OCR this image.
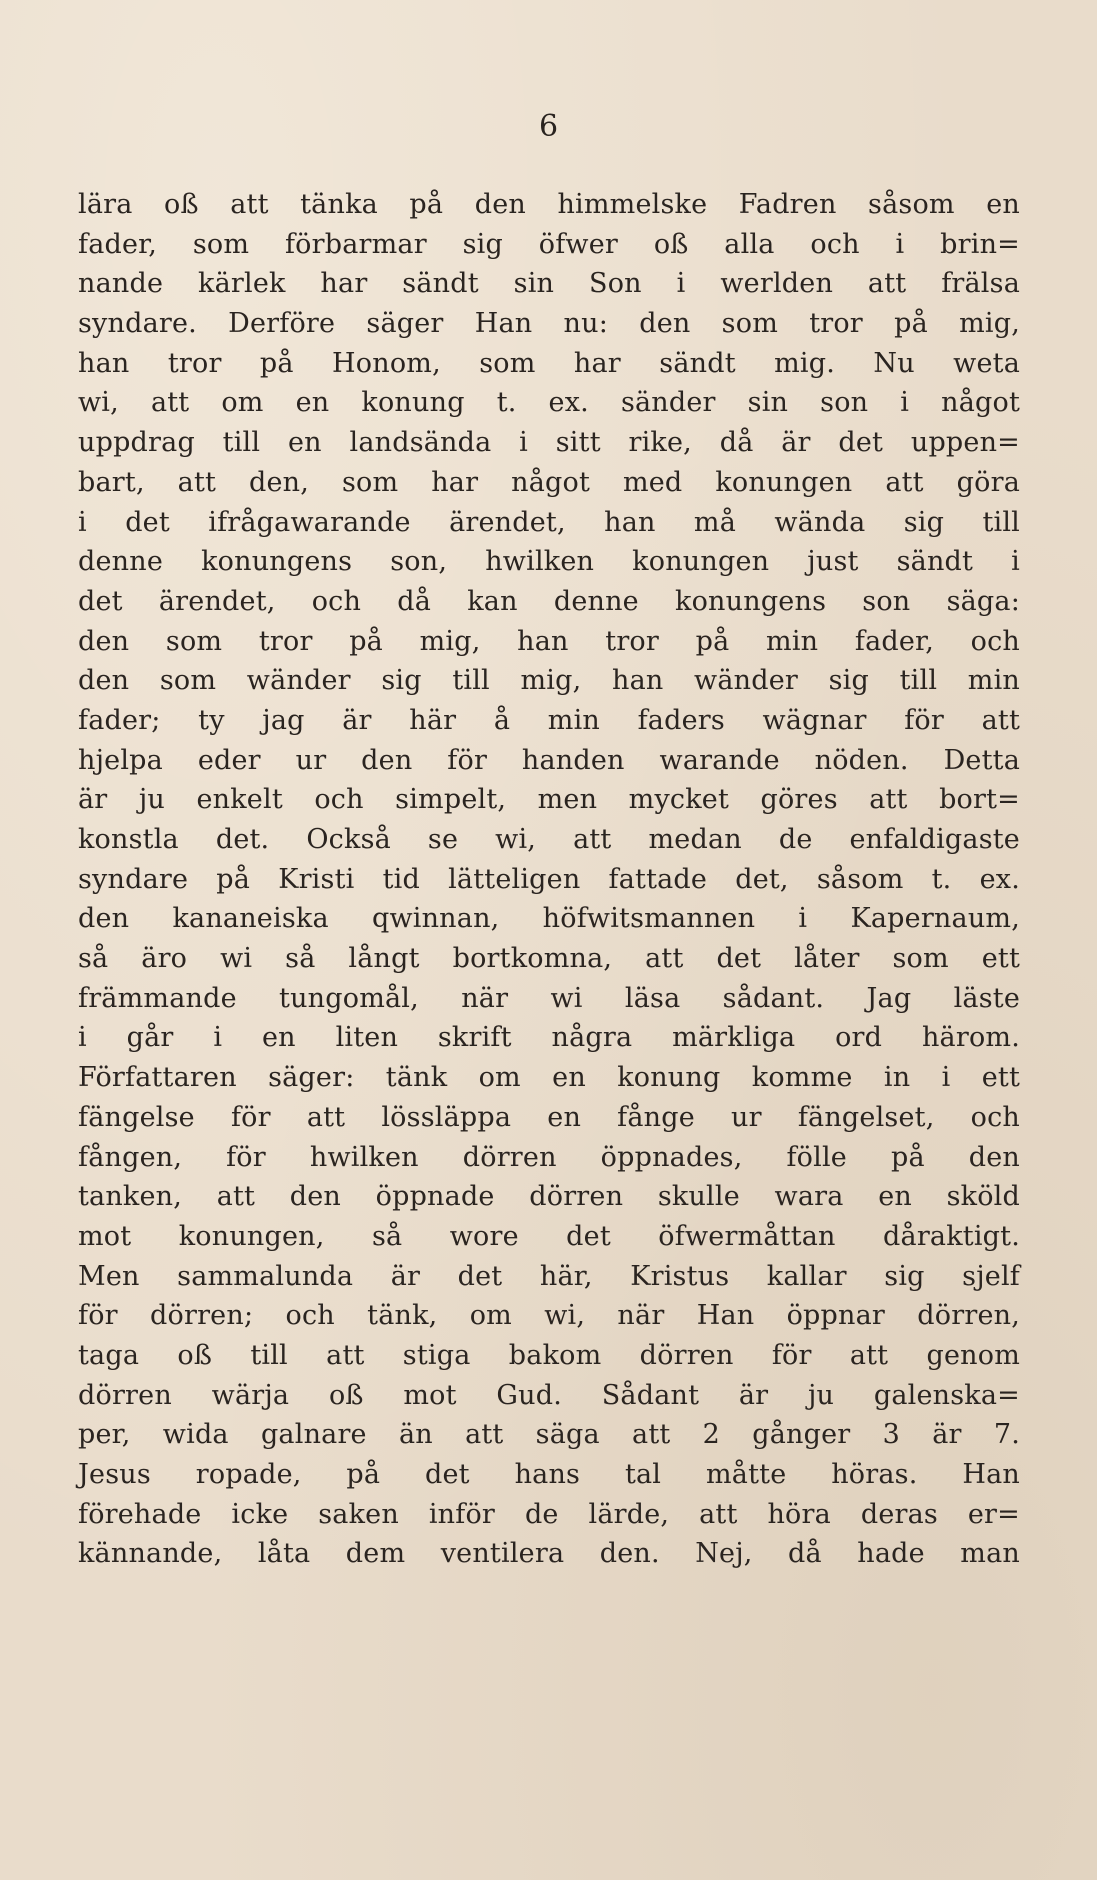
6

lära oß att tänka på den himmelske Fadren såsom en
fader, som förbarmar sig öfwer oß alla och i brin=
nande kärlek har sändt sin Son i werlden att frälsa
syndare. Derföre säger Han nu: den som tror på mig,
han tror på Honom, som har sändt mig. Nu weta
wi, att om en konung t. ex. sänder sin son i något
uppdrag till en landsända i sitt rike, då är det uppen=
bart, att den, som har något med konungen att göra
i det ifrågawarande ärendet, han må wända sig till
denne konungens son, hwilken konungen just sändt i
det ärendet, och då kan denne konungens son säga:
den som tror på mig, han tror på min fader, och
den som wänder sig till mig, han wänder sig till min
fader; ty jag är här å min faders wägnar för att
hjelpa eder ur den för handen warande nöden. Detta
är ju enkelt och simpelt, men mycket göres att bort=
konstla det. Också se wi, att medan de enfaldigaste
syndare på Kristi tid lätteligen fattade det, såsom t. ex.
den kananeiska qwinnan, höfwitsmannen i Kapernaum,
så äro wi så långt bortkomna, att det låter som ett
främmande tungomål, när wi läsa sådant. Jag läste
i går i en liten skrift några märkliga ord härom.
Författaren säger: tänk om en konung komme in i ett
fängelse för att lössläppa en fånge ur fängelset, och
fången, för hwilken dörren öppnades, fölle på den
tanken, att den öppnade dörren skulle wara en sköld
mot konungen, så wore det öfwermåttan dåraktigt.
Men sammalunda är det här, Kristus kallar sig sjelf
för dörren; och tänk, om wi, när Han öppnar dörren,
taga oß till att stiga bakom dörren för att genom
dörren wärja oß mot Gud. Sådant är ju galenska=
per, wida galnare än att säga att 2 gånger 3 är 7.
Jesus ropade, på det hans tal måtte höras. Han
förehade icke saken inför de lärde, att höra deras er=
kännande, låta dem ventilera den. Nej, då hade man
